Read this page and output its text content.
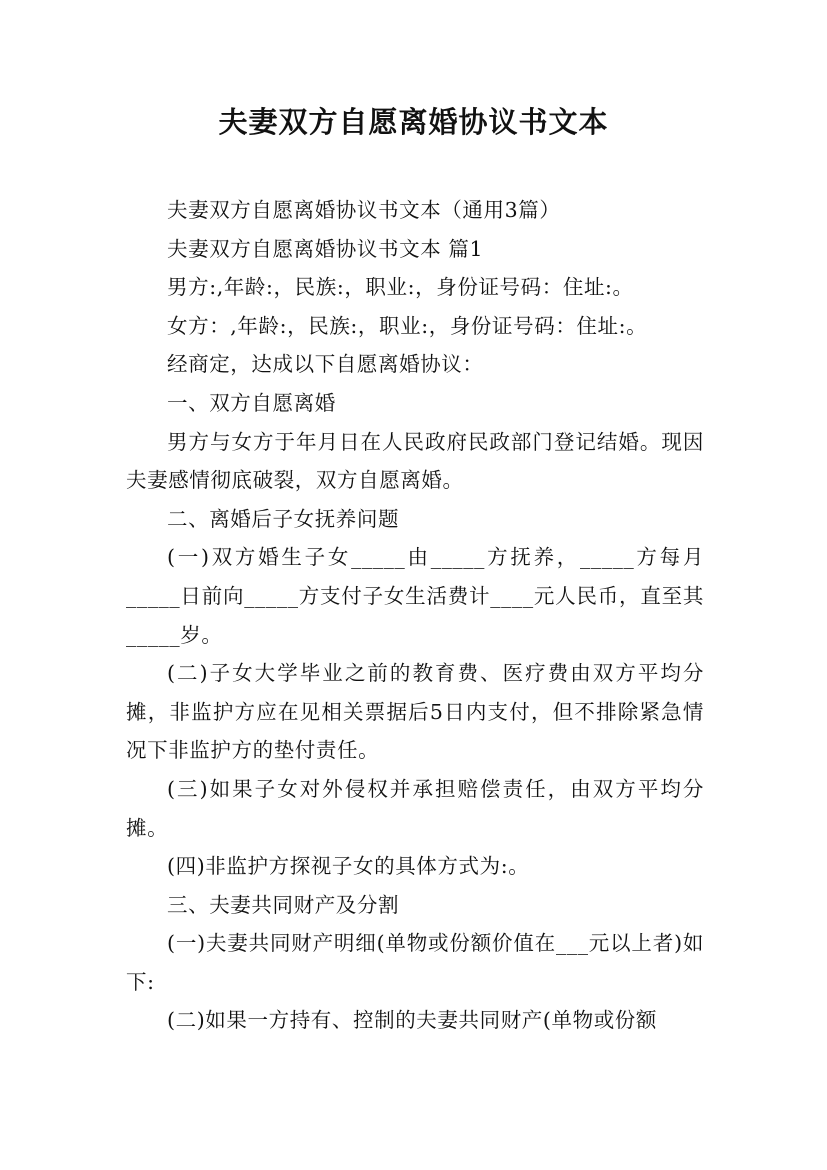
夫妻双方自愿离婚协议书文本

夫妻双方自愿离婚协议书文本（通用3篇）

夫妻双方自愿离婚协议书文本 篇1

男方:,年龄:，民族:，职业:，身份证号码：住址:。

女方：,年龄:，民族:，职业:，身份证号码：住址:。

经商定，达成以下自愿离婚协议：

一、双方自愿离婚

男方与女方于年月日在人民政府民政部门登记结婚。现因夫妻感情彻底破裂，双方自愿离婚。

二、离婚后子女抚养问题

(一)双方婚生子女_____由_____方抚养，_____方每月_____日前向_____方支付子女生活费计____元人民币，直至其_____岁。

(二)子女大学毕业之前的教育费、医疗费由双方平均分摊，非监护方应在见相关票据后5日内支付，但不排除紧急情况下非监护方的垫付责任。

(三)如果子女对外侵权并承担赔偿责任，由双方平均分摊。

(四)非监护方探视子女的具体方式为:。

三、夫妻共同财产及分割

(一)夫妻共同财产明细(单物或份额价值在___元以上者)如下:

(二)如果一方持有、控制的夫妻共同财产(单物或份额
